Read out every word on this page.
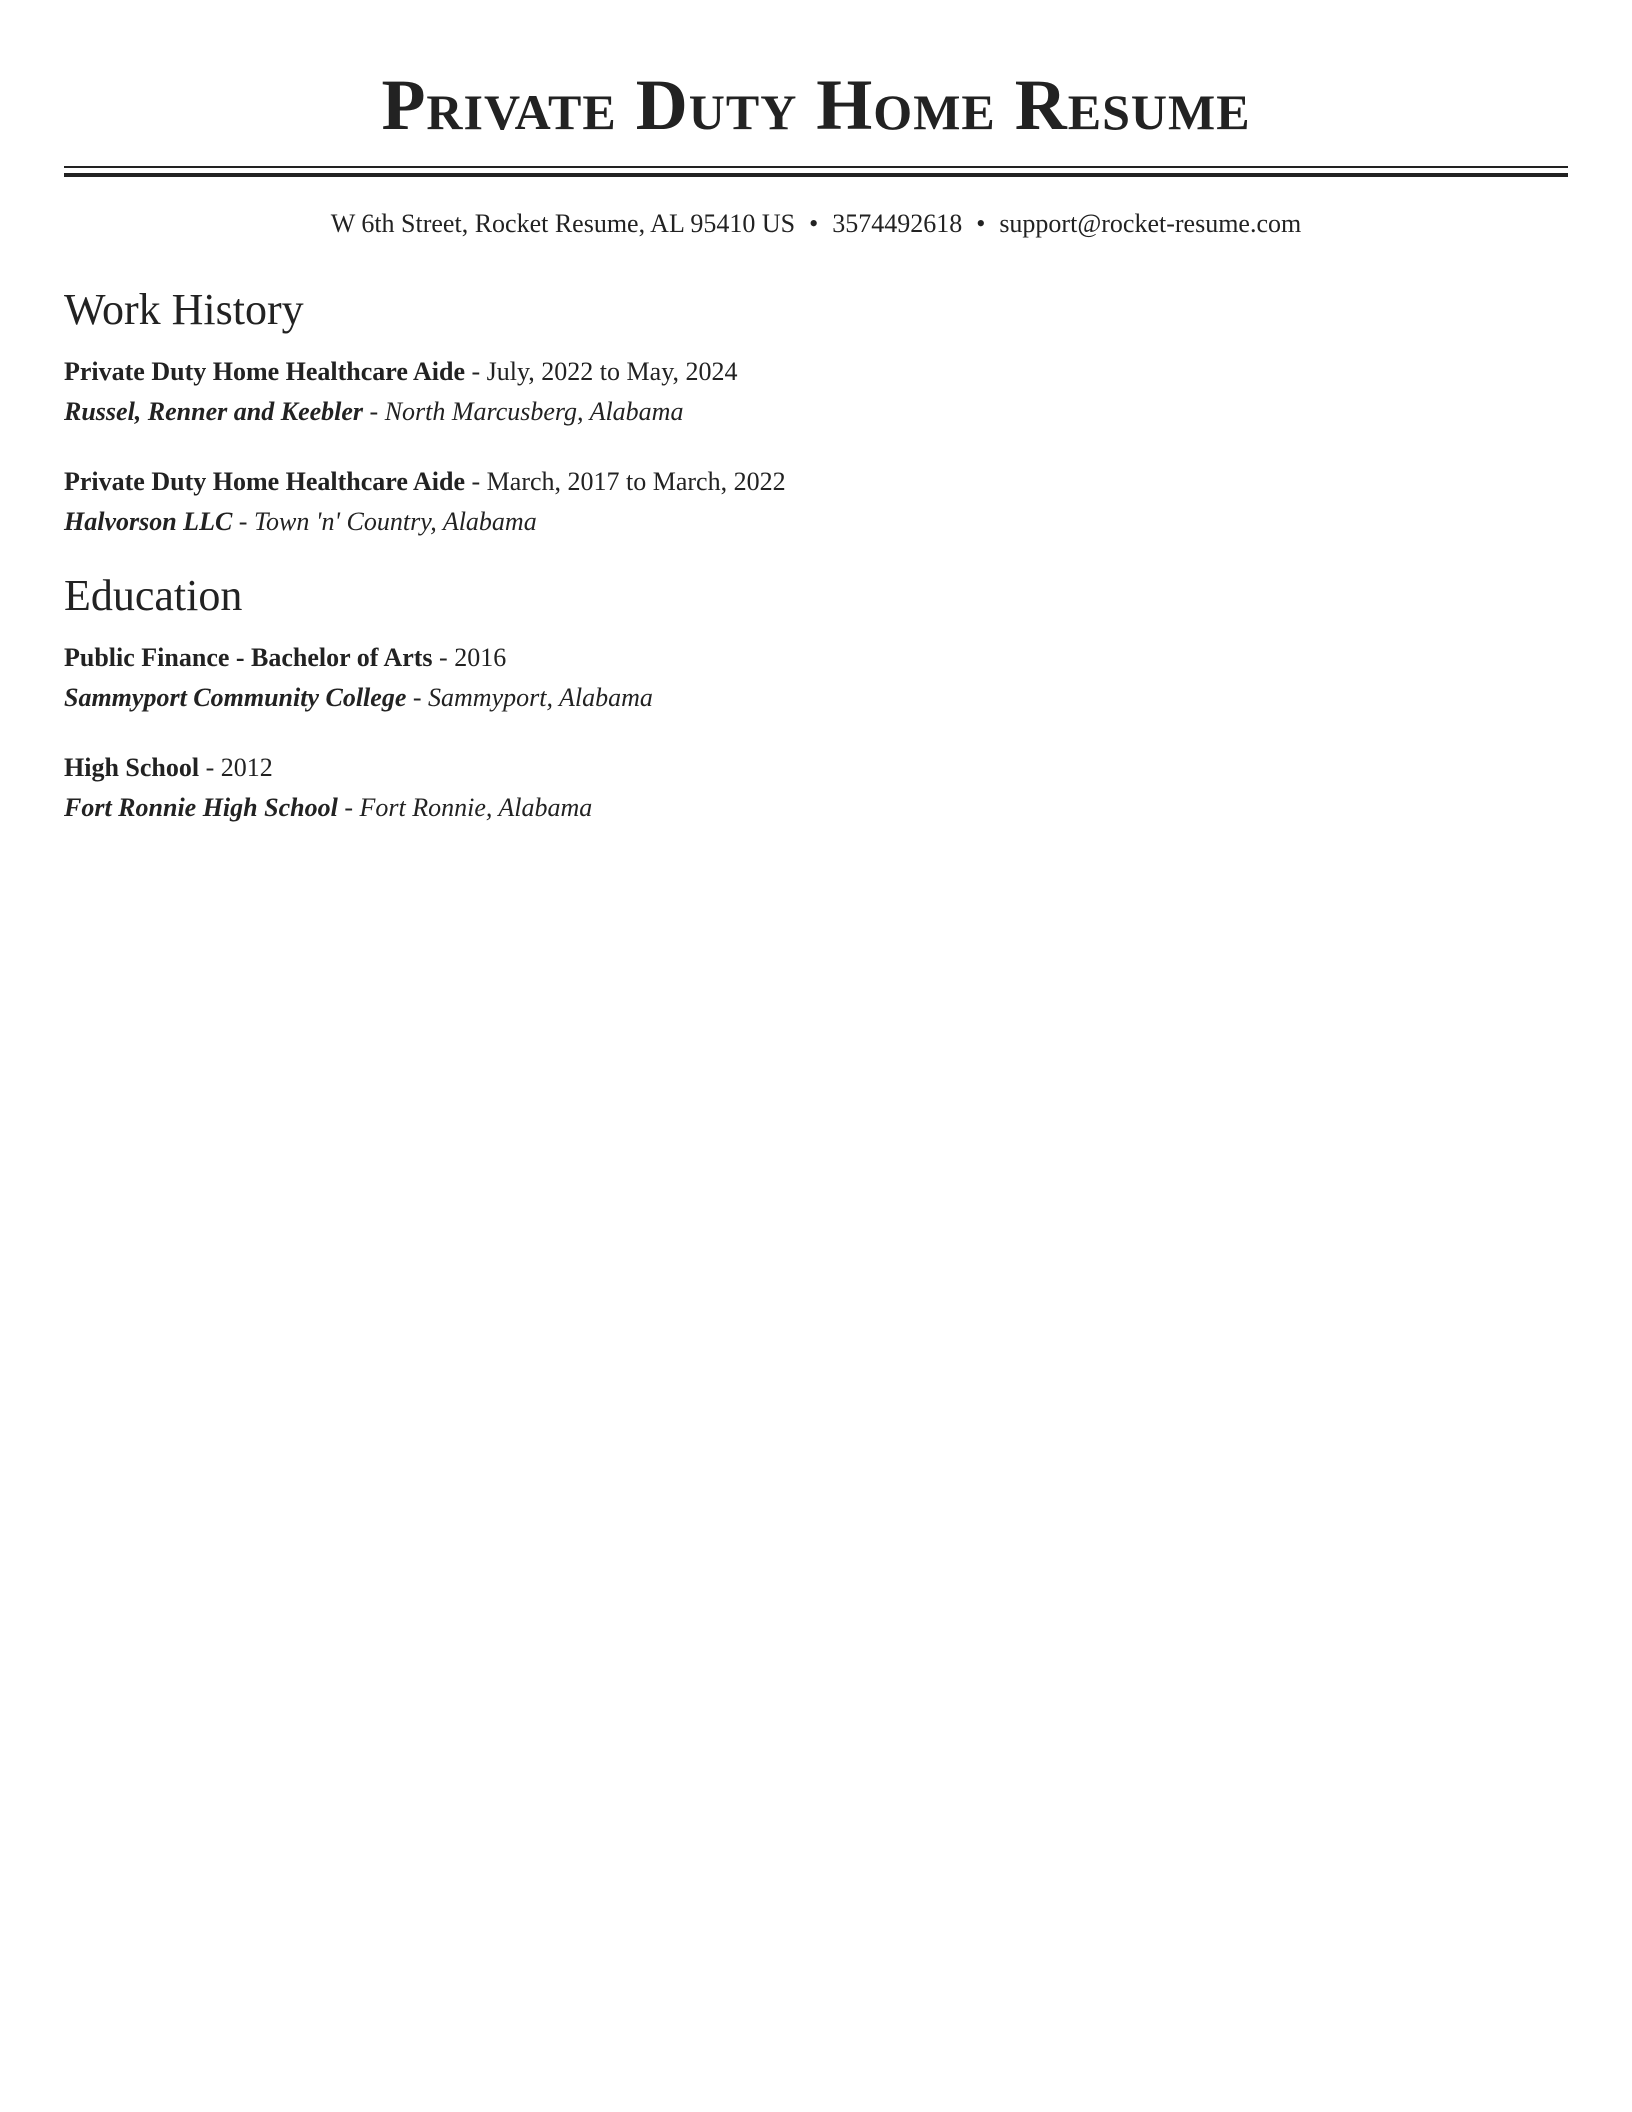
Private Duty Home Resume
W 6th Street, Rocket Resume, AL 95410 US • 3574492618 • support@rocket-resume.com
Work History
Private Duty Home Healthcare Aide - July, 2022 to May, 2024
Russel, Renner and Keebler - North Marcusberg, Alabama
Private Duty Home Healthcare Aide - March, 2017 to March, 2022
Halvorson LLC - Town 'n' Country, Alabama
Education
Public Finance - Bachelor of Arts - 2016
Sammyport Community College - Sammyport, Alabama
High School - 2012
Fort Ronnie High School - Fort Ronnie, Alabama
